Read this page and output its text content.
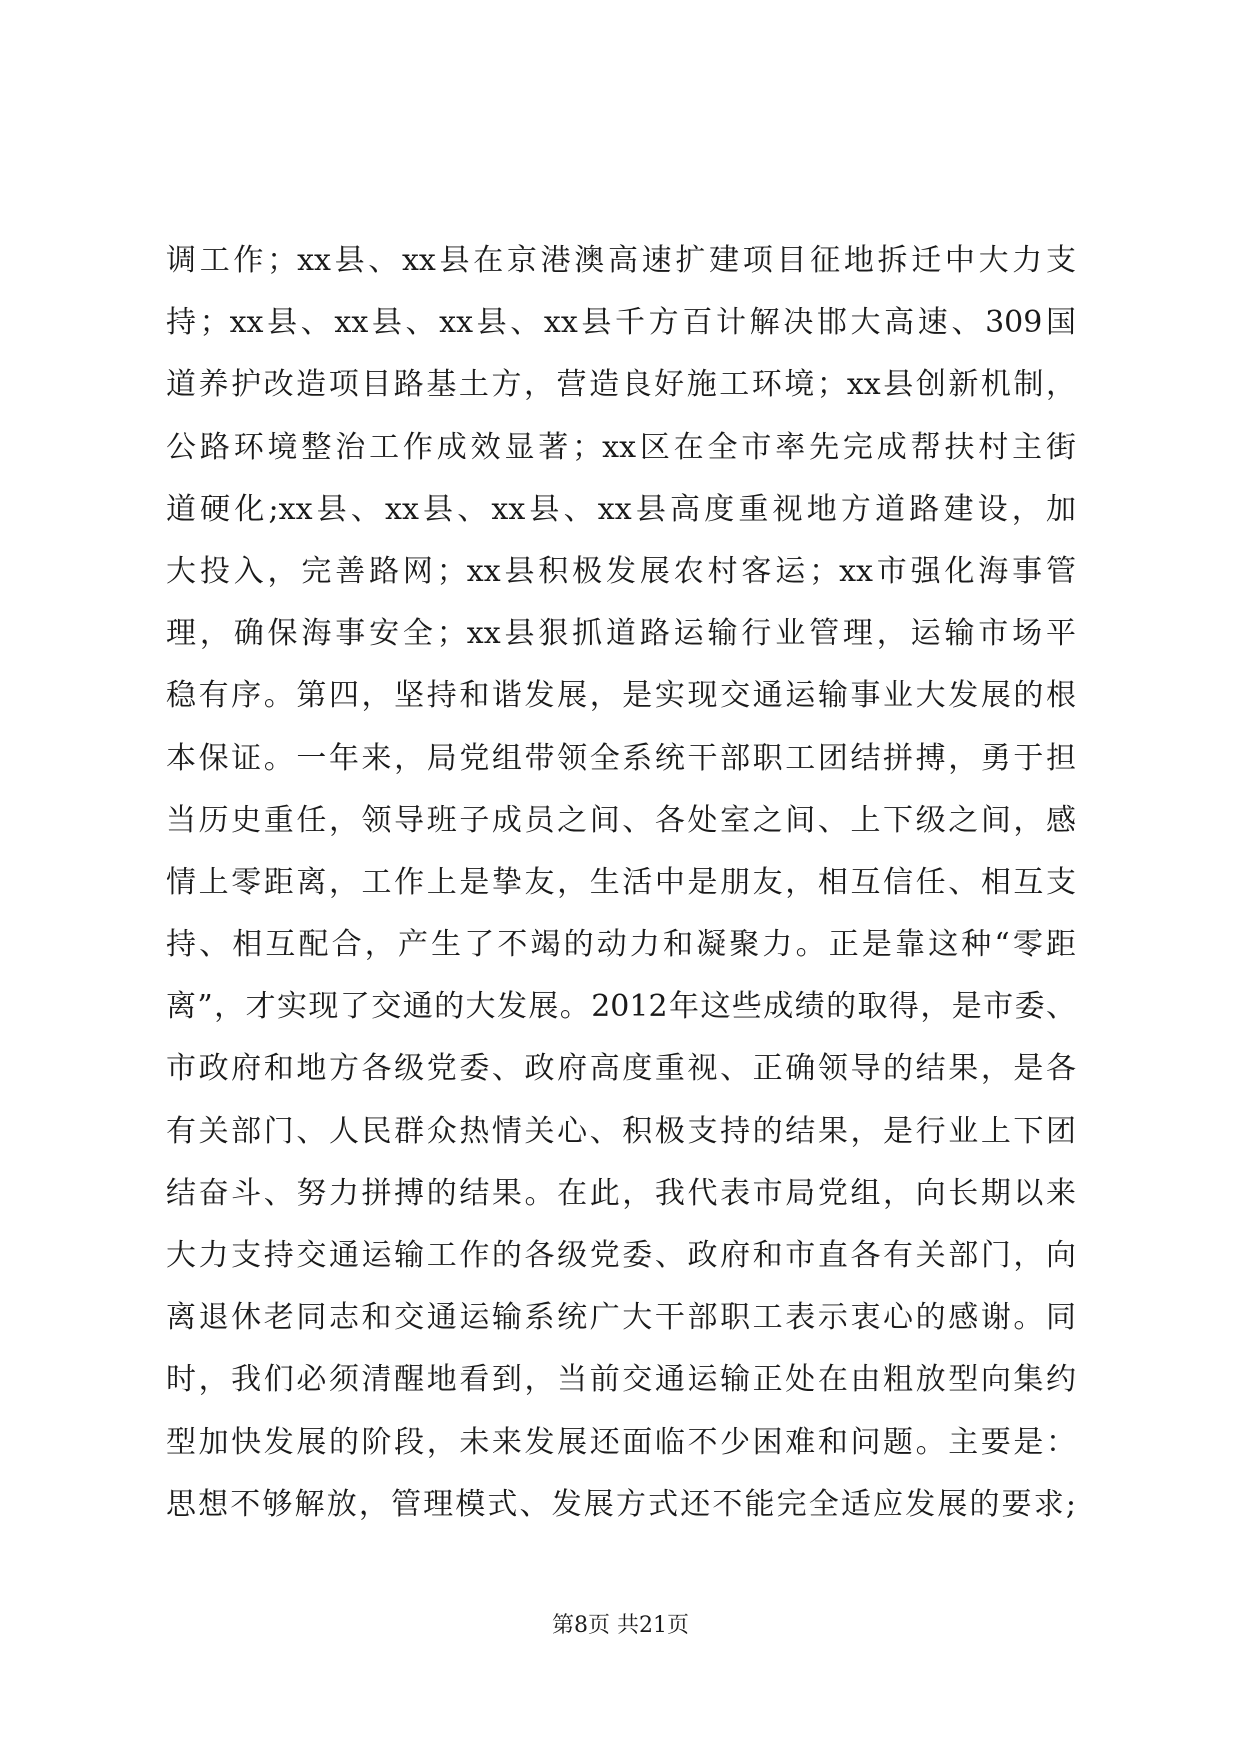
调工作；xx县、xx县在京港澳高速扩建项目征地拆迁中大力支
持；xx县、xx县、xx县、xx县千方百计解决邯大高速、309国
道养护改造项目路基土方，营造良好施工环境；xx县创新机制，
公路环境整治工作成效显著；xx区在全市率先完成帮扶村主街
道硬化;xx县、xx县、xx县、xx县高度重视地方道路建设，加
大投入，完善路网；xx县积极发展农村客运；xx市强化海事管
理，确保海事安全；xx县狠抓道路运输行业管理，运输市场平
稳有序。第四，坚持和谐发展，是实现交通运输事业大发展的根
本保证。一年来，局党组带领全系统干部职工团结拼搏，勇于担
当历史重任，领导班子成员之间、各处室之间、上下级之间，感
情上零距离，工作上是挚友，生活中是朋友，相互信任、相互支
持、相互配合，产生了不竭的动力和凝聚力。正是靠这种“零距
离”，才实现了交通的大发展。2012年这些成绩的取得，是市委、
市政府和地方各级党委、政府高度重视、正确领导的结果，是各
有关部门、人民群众热情关心、积极支持的结果，是行业上下团
结奋斗、努力拼搏的结果。在此，我代表市局党组，向长期以来
大力支持交通运输工作的各级党委、政府和市直各有关部门，向
离退休老同志和交通运输系统广大干部职工表示衷心的感谢。同
时，我们必须清醒地看到，当前交通运输正处在由粗放型向集约
型加快发展的阶段，未来发展还面临不少困难和问题。主要是：
思想不够解放，管理模式、发展方式还不能完全适应发展的要求;
第8页 共21页
